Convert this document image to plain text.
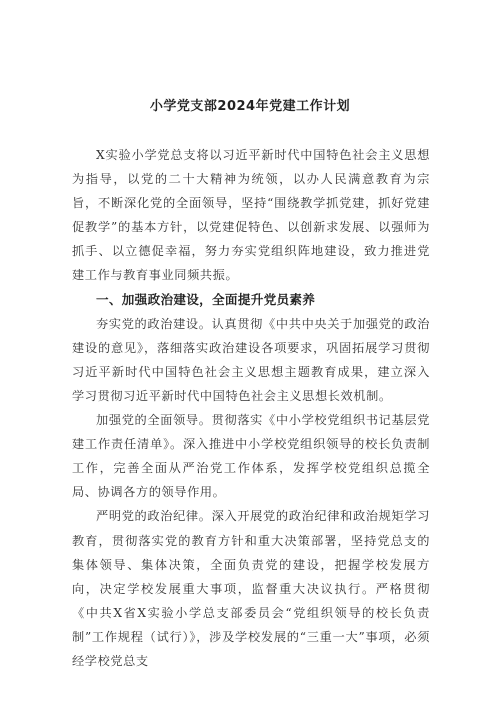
小学党支部2024年党建工作计划

X实验小学党总支将以习近平新时代中国特色社会主义思想为指导，以党的二十大精神为统领，以办人民满意教育为宗旨，不断深化党的全面领导，坚持“围绕教学抓党建，抓好党建促教学”的基本方针，以党建促特色、以创新求发展、以强师为抓手、以立德促幸福，努力夯实党组织阵地建设，致力推进党建工作与教育事业同频共振。

一、加强政治建设，全面提升党员素养

夯实党的政治建设。认真贯彻《中共中央关于加强党的政治建设的意见》，落细落实政治建设各项要求，巩固拓展学习贯彻习近平新时代中国特色社会主义思想主题教育成果，建立深入学习贯彻习近平新时代中国特色社会主义思想长效机制。

加强党的全面领导。贯彻落实《中小学校党组织书记基层党建工作责任清单》。深入推进中小学校党组织领导的校长负责制工作，完善全面从严治党工作体系，发挥学校党组织总揽全局、协调各方的领导作用。

严明党的政治纪律。深入开展党的政治纪律和政治规矩学习教育，贯彻落实党的教育方针和重大决策部署，坚持党总支的集体领导、集体决策，全面负责党的建设，把握学校发展方向，决定学校发展重大事项，监督重大决议执行。严格贯彻《中共X省X实验小学总支部委员会“党组织领导的校长负责制”工作规程（试行）》，涉及学校发展的“三重一大”事项，必须经学校党总支
